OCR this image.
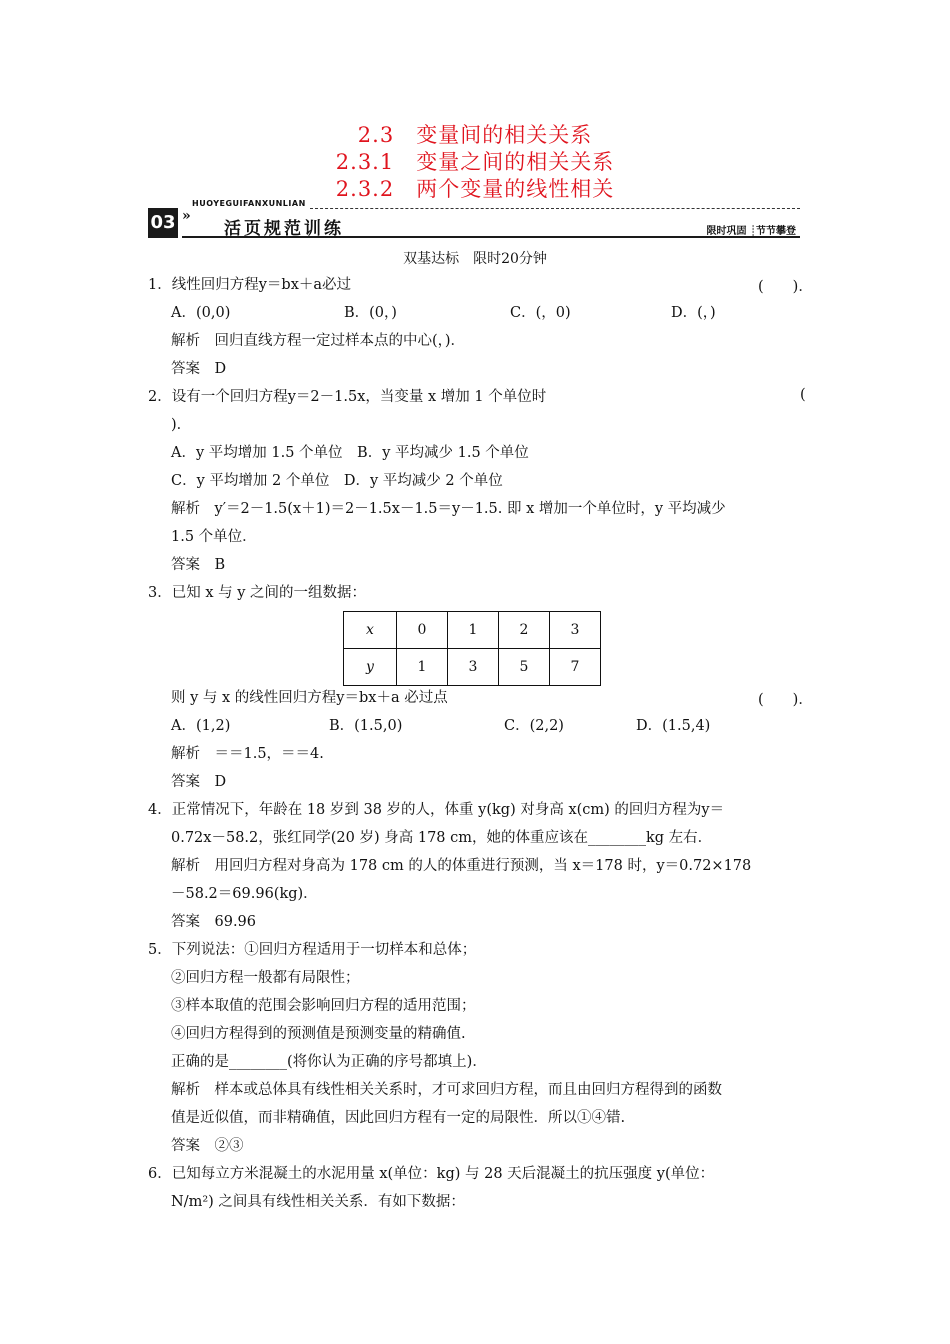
2.3　变量间的相关关系
2.3.1　变量之间的相关关系
2.3.2　两个变量的线性相关
HUOYEGUIFANXUNLIAN
03 »
活页规范训练	限时巩固 ┊节节攀登
双基达标　限时20分钟
1．线性回归方程y＝bx＋a必过	(　　)．
A．(0,0)	B．(0，)	C．(，0)	D．(，)
解析　回归直线方程一定过样本点的中心(，)．
答案　D
2．设有一个回归方程y＝2－1.5x，当变量 x 增加 1 个单位时	(
)．
A．y 平均增加 1.5 个单位　B．y 平均减少 1.5 个单位
C．y 平均增加 2 个单位　D．y 平均减少 2 个单位
解析　y′＝2－1.5(x＋1)＝2－1.5x－1.5＝y－1.5. 即 x 增加一个单位时，y 平均减少
1.5 个单位．
答案　B
3．已知 x 与 y 之间的一组数据：
x	0	1	2	3
y	1	3	5	7
则 y 与 x 的线性回归方程y＝bx＋a 必过点	(　　)．
A．(1,2)	B．(1.5,0)	C．(2,2)	D．(1.5,4)
解析　＝＝1.5，＝＝4.
答案　D
4．正常情况下，年龄在 18 岁到 38 岁的人，体重 y(kg) 对身高 x(cm) 的回归方程为y＝
0.72x－58.2，张红同学(20 岁) 身高 178 cm，她的体重应该在________kg 左右．
解析　用回归方程对身高为 178 cm 的人的体重进行预测，当 x＝178 时，y＝0.72×178
－58.2＝69.96(kg)．
答案　69.96
5．下列说法：①回归方程适用于一切样本和总体；
②回归方程一般都有局限性；
③样本取值的范围会影响回归方程的适用范围；
④回归方程得到的预测值是预测变量的精确值.
正确的是________(将你认为正确的序号都填上)．
解析　样本或总体具有线性相关关系时，才可求回归方程，而且由回归方程得到的函数
值是近似值，而非精确值，因此回归方程有一定的局限性．所以①④错.
答案　②③
6．已知每立方米混凝土的水泥用量 x(单位：kg) 与 28 天后混凝土的抗压强度 y(单位：
N/m²) 之间具有线性相关关系．有如下数据：
